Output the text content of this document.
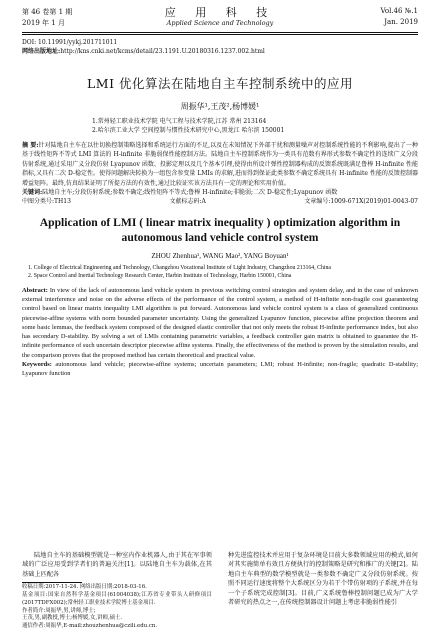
第 46 卷第 1 期
2019 年 1 月
应 用 科 技
Applied Science and Technology
Vol.46 №.1
Jan. 2019
DOI: 10.11991/yykj.201711011
网络出版地址:http://kns.cnki.net/kcms/detail/23.1191.U.20180316.1237.002.html
LMI 优化算法在陆地自主车控制系统中的应用
周振华¹,王茂²,杨博媛¹
1.常州轻工职业技术学院 电气工程与技术学院,江苏 常州 213164
2.哈尔滨工业大学 空间控制与惯性技术研究中心,黑龙江 哈尔滨 150001
摘 要:针对陆地自主车在以往切换控制策略选择和系统运行方面的不足,以及在未知情况下外部干扰和测量噪声对控制系统性能的不利影响,提出了一种基于线性矩阵不等式 LMI 算法的 H-infinite 非脆弱保性能控制方法。陆地自主车控制系统作为一类具有范数有界形式参数不确定性的连续广义分段仿射系统,通过采用广义分段仿射 Lyapunov 函数、投影定理以及几个基本引理,使得由所设计弹性控制器构成的反馈系统既满足鲁棒 H-infinite 性能指标,又具有二次 D-稳定性。使得问题解决转换为一组包含参变量 LMIs 的求解,进而得到保证此类参数不确定系统具有 H-infinite 性能的反馈控制器增益矩阵。最终,仿真结果证明了所提方法的有效性,通过比较证实该方法具有一定的理论和实用价值。
关键词:陆地自主车;分段仿射系统;参数不确定;线性矩阵不等式;鲁棒 H-infinite;非脆弱;二次 D-稳定性;Lyapunov 函数
中图分类号:TH13	文献标志码:A	文章编号:1009-671X(2019)01-0043-07
Application of LMI ( linear matrix inequality ) optimization algorithm in
autonomous land vehicle control system
ZHOU Zhenhua¹, WANG Mao², YANG Boyuan¹
1. College of Electrical Engineering and Technology, Changzhou Vocational Institute of Light Industry, Changzhou 213164, China
2. Space Control and Inertial Technology Research Center, Harbin Institute of Technology, Harbin 150001, China
Abstract: In view of the lack of autonomous land vehicle system in previous switching control strategies and system delay, and in the case of unknown external interference and noise on the adverse effects of the performance of the control system, a method of H-infinite non-fragile cost guaranteeing control based on linear matrix inequality LMI algorithm is put forward. Autonomous land vehicle control system is a class of generalized continuous piecewise-affine systems with norm bounded parameter uncertainty. Using the generalized Lyapunov function, piecewise affine projection theorem and some basic lemmas, the feedback system composed of the designed elastic controller that not only meets the robust H-infinite performance index, but also has secondary D-stability. By solving a set of LMIs containing parametric variables, a feedback controller gain matrix is obtained to guarantee the H-infinite performance of such uncertain descriptor piecewise affine systems. Finally, the effectiveness of the method is proven by the simulation results, and the comparison proves that the proposed method has certain theoretical and practical value.
Keywords: autonomous land vehicle; piecewise-affine systems; uncertain parameters; LMI; robust H-infinite; non-fragile; quadratic D-stability; Lyapunov function
陆地自主车的基础模型就是一种室内作业机器人,由于其在军事领域的广泛应用受到学者们的普遍关注[1]。以陆地自主车为载体,在其基础上匹配各
收稿日期:2017-11-24. 网络出版日期:2018-03-16.
基金项目:国家自然科学基金项目(61004038);江苏省专业带头人研修项目(2017TDFX002);常州轻工职业技术学院博士基金项目.
作者简介:周振华,男,讲师,博士;
王茂,男,副教授,博士;杨博媛,女,讲师,硕士.
通信作者:周振华,E-mail:zhouzhenhua@czili.edu.cn.
种先进监控技术并应用于复杂环境是目前大多数领域应用的模式,如何对其实施简单有效且方便执行的控制策略是研究和推广的关键[2]。陆地自主车典型的数学模型就是一类参数不确定广义分段仿射系统。按照不同运行速度将整个大系统区分为若干个带仿射项的子系统,并在每一个子系统完成控制[3]。目前,广义系统鲁棒控制问题已成为广大学者研究的热点之一,在传统控制器设计问题上考虑非脆弱性能引
